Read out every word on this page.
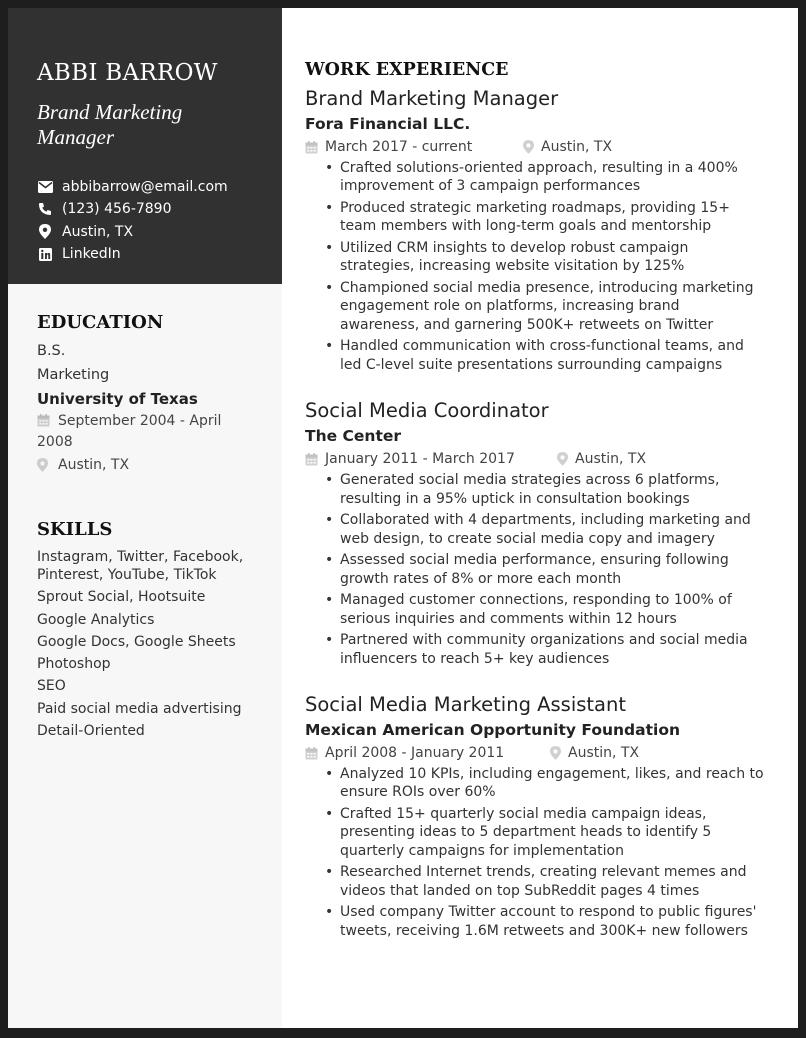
ABBI BARROW
Brand Marketing
Manager
abbibarrow@email.com
(123) 456-7890
Austin, TX
LinkedIn
EDUCATION
B.S.
Marketing
University of Texas
September 2004 - April
2008
Austin, TX
SKILLS
Instagram, Twitter, Facebook,
Pinterest, YouTube, TikTok
Sprout Social, Hootsuite
Google Analytics
Google Docs, Google Sheets
Photoshop
SEO
Paid social media advertising
Detail-Oriented
WORK EXPERIENCE
Brand Marketing Manager
Fora Financial LLC.
March 2017 - current	Austin, TX
• Crafted solutions-oriented approach, resulting in a 400%
improvement of 3 campaign performances
• Produced strategic marketing roadmaps, providing 15+
team members with long-term goals and mentorship
• Utilized CRM insights to develop robust campaign
strategies, increasing website visitation by 125%
• Championed social media presence, introducing marketing
engagement role on platforms, increasing brand
awareness, and garnering 500K+ retweets on Twitter
• Handled communication with cross-functional teams, and
led C-level suite presentations surrounding campaigns
Social Media Coordinator
The Center
January 2011 - March 2017	Austin, TX
• Generated social media strategies across 6 platforms,
resulting in a 95% uptick in consultation bookings
• Collaborated with 4 departments, including marketing and
web design, to create social media copy and imagery
• Assessed social media performance, ensuring following
growth rates of 8% or more each month
• Managed customer connections, responding to 100% of
serious inquiries and comments within 12 hours
• Partnered with community organizations and social media
influencers to reach 5+ key audiences
Social Media Marketing Assistant
Mexican American Opportunity Foundation
April 2008 - January 2011	Austin, TX
• Analyzed 10 KPIs, including engagement, likes, and reach to
ensure ROIs over 60%
• Crafted 15+ quarterly social media campaign ideas,
presenting ideas to 5 department heads to identify 5
quarterly campaigns for implementation
• Researched Internet trends, creating relevant memes and
videos that landed on top SubReddit pages 4 times
• Used company Twitter account to respond to public figures'
tweets, receiving 1.6M retweets and 300K+ new followers
